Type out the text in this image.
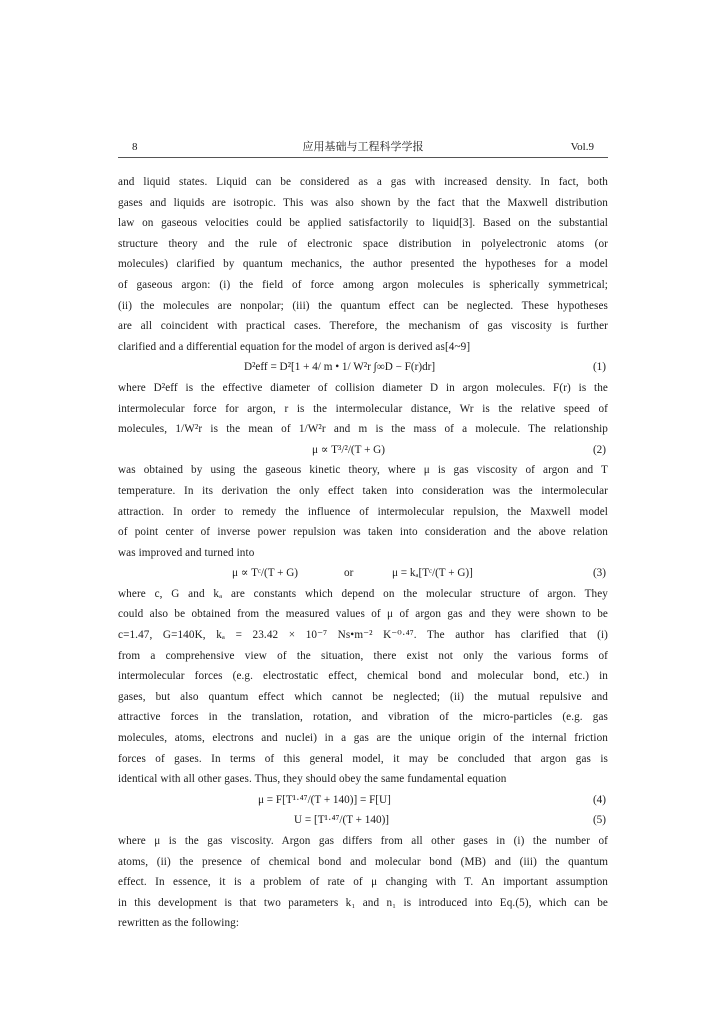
8	应用基础与工程科学学报	Vol.9
and liquid states. Liquid can be considered as a gas with increased density. In fact, both
gases and liquids are isotropic. This was also shown by the fact that the Maxwell distribution
law on gaseous velocities could be applied satisfactorily to liquid[3]. Based on the substantial
structure theory and the rule of electronic space distribution in polyelectronic atoms (or
molecules) clarified by quantum mechanics, the author presented the hypotheses for a model
of gaseous argon: (i) the field of force among argon molecules is spherically symmetrical;
(ii) the molecules are nonpolar; (iii) the quantum effect can be neglected. These hypotheses
are all coincident with practical cases. Therefore, the mechanism of gas viscosity is further
clarified and a differential equation for the model of argon is derived as[4~9]
D²eff = D²[1 + 4/ m • 1/ W²r ∫∞D − F(r)dr]	(1)
where D²eff is the effective diameter of collision diameter D in argon molecules. F(r) is the
intermolecular force for argon, r is the intermolecular distance, Wr is the relative speed of
molecules, 1/W²r is the mean of 1/W²r and m is the mass of a molecule. The relationship
μ ∝ T³/²/(T + G)	(2)
was obtained by using the gaseous kinetic theory, where μ is gas viscosity of argon and T
temperature. In its derivation the only effect taken into consideration was the intermolecular
attraction. In order to remedy the influence of intermolecular repulsion, the Maxwell model
of point center of inverse power repulsion was taken into consideration and the above relation
was improved and turned into
μ ∝ Tᶜ/(T + G)	or	μ = kₐ[Tᶜ/(T + G)]	(3)
where c, G and kₐ are constants which depend on the molecular structure of argon. They
could also be obtained from the measured values of μ of argon gas and they were shown to be
c=1.47, G=140K, kₐ = 23.42 × 10⁻⁷ Ns•m⁻² K⁻⁰·⁴⁷. The author has clarified that (i)
from a comprehensive view of the situation, there exist not only the various forms of
intermolecular forces (e.g. electrostatic effect, chemical bond and molecular bond, etc.) in
gases, but also quantum effect which cannot be neglected; (ii) the mutual repulsive and
attractive forces in the translation, rotation, and vibration of the micro-particles (e.g. gas
molecules, atoms, electrons and nuclei) in a gas are the unique origin of the internal friction
forces of gases. In terms of this general model, it may be concluded that argon gas is
identical with all other gases. Thus, they should obey the same fundamental equation
μ = F[T¹·⁴⁷/(T + 140)] = F[U]	(4)
U = [T¹·⁴⁷/(T + 140)]	(5)
where μ is the gas viscosity. Argon gas differs from all other gases in (i) the number of
atoms, (ii) the presence of chemical bond and molecular bond (MB) and (iii) the quantum
effect. In essence, it is a problem of rate of μ changing with T. An important assumption
in this development is that two parameters k₁ and n₁ is introduced into Eq.(5), which can be
rewritten as the following:
